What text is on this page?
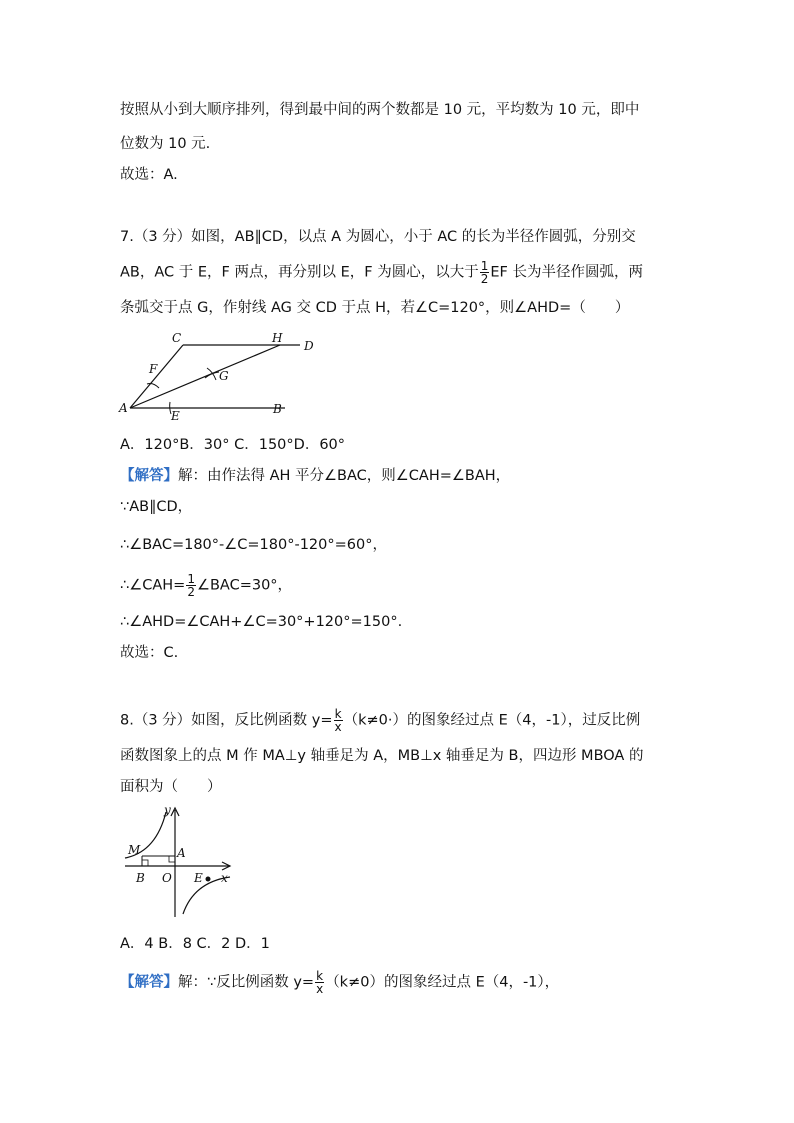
按照从小到大顺序排列，得到最中间的两个数都是 10 元，平均数为 10 元，即中
位数为 10 元.
故选：A.
7.（3 分）如图，AB∥CD，以点 A 为圆心，小于 AC 的长为半径作圆弧，分别交
AB，AC 于 E，F 两点，再分别以 E，F 为圆心，以大于 $\frac{1}{2}$ EF 长为半径作圆弧，两
条弧交于点 G，作射线 AG 交 CD 于点 H，若∠C=120°，则∠AHD=（　　）
C	H
D
F	G
A
E	B
A．120°B．30° C．150°D．60°
【解答】解：由作法得 AH 平分∠BAC，则∠CAH=∠BAH，
∵AB∥CD，
∴∠BAC=180°-∠C=180°-120°=60°，
∴∠CAH= $\frac{1}{2}$ ∠BAC=30°，
∴∠AHD=∠CAH+∠C=30°+120°=150°.
故选：C.
8.（3 分）如图，反比例函数 $y= \frac{k}{x} (k\ne 0\cdot)$的图象经过点 E（4，-1），过反比例
函数图象上的点 M 作 MA⊥y 轴垂足为 A，MB⊥x 轴垂足为 B，四边形 MBOA 的
面积为（　　）
y
M	A
B O E x
A．4 B．8 C．2 D．1
【解答】解：∵反比例函数 $y= \frac{k}{x} (k\ne 0)$的图象经过点 E（4，-1），
